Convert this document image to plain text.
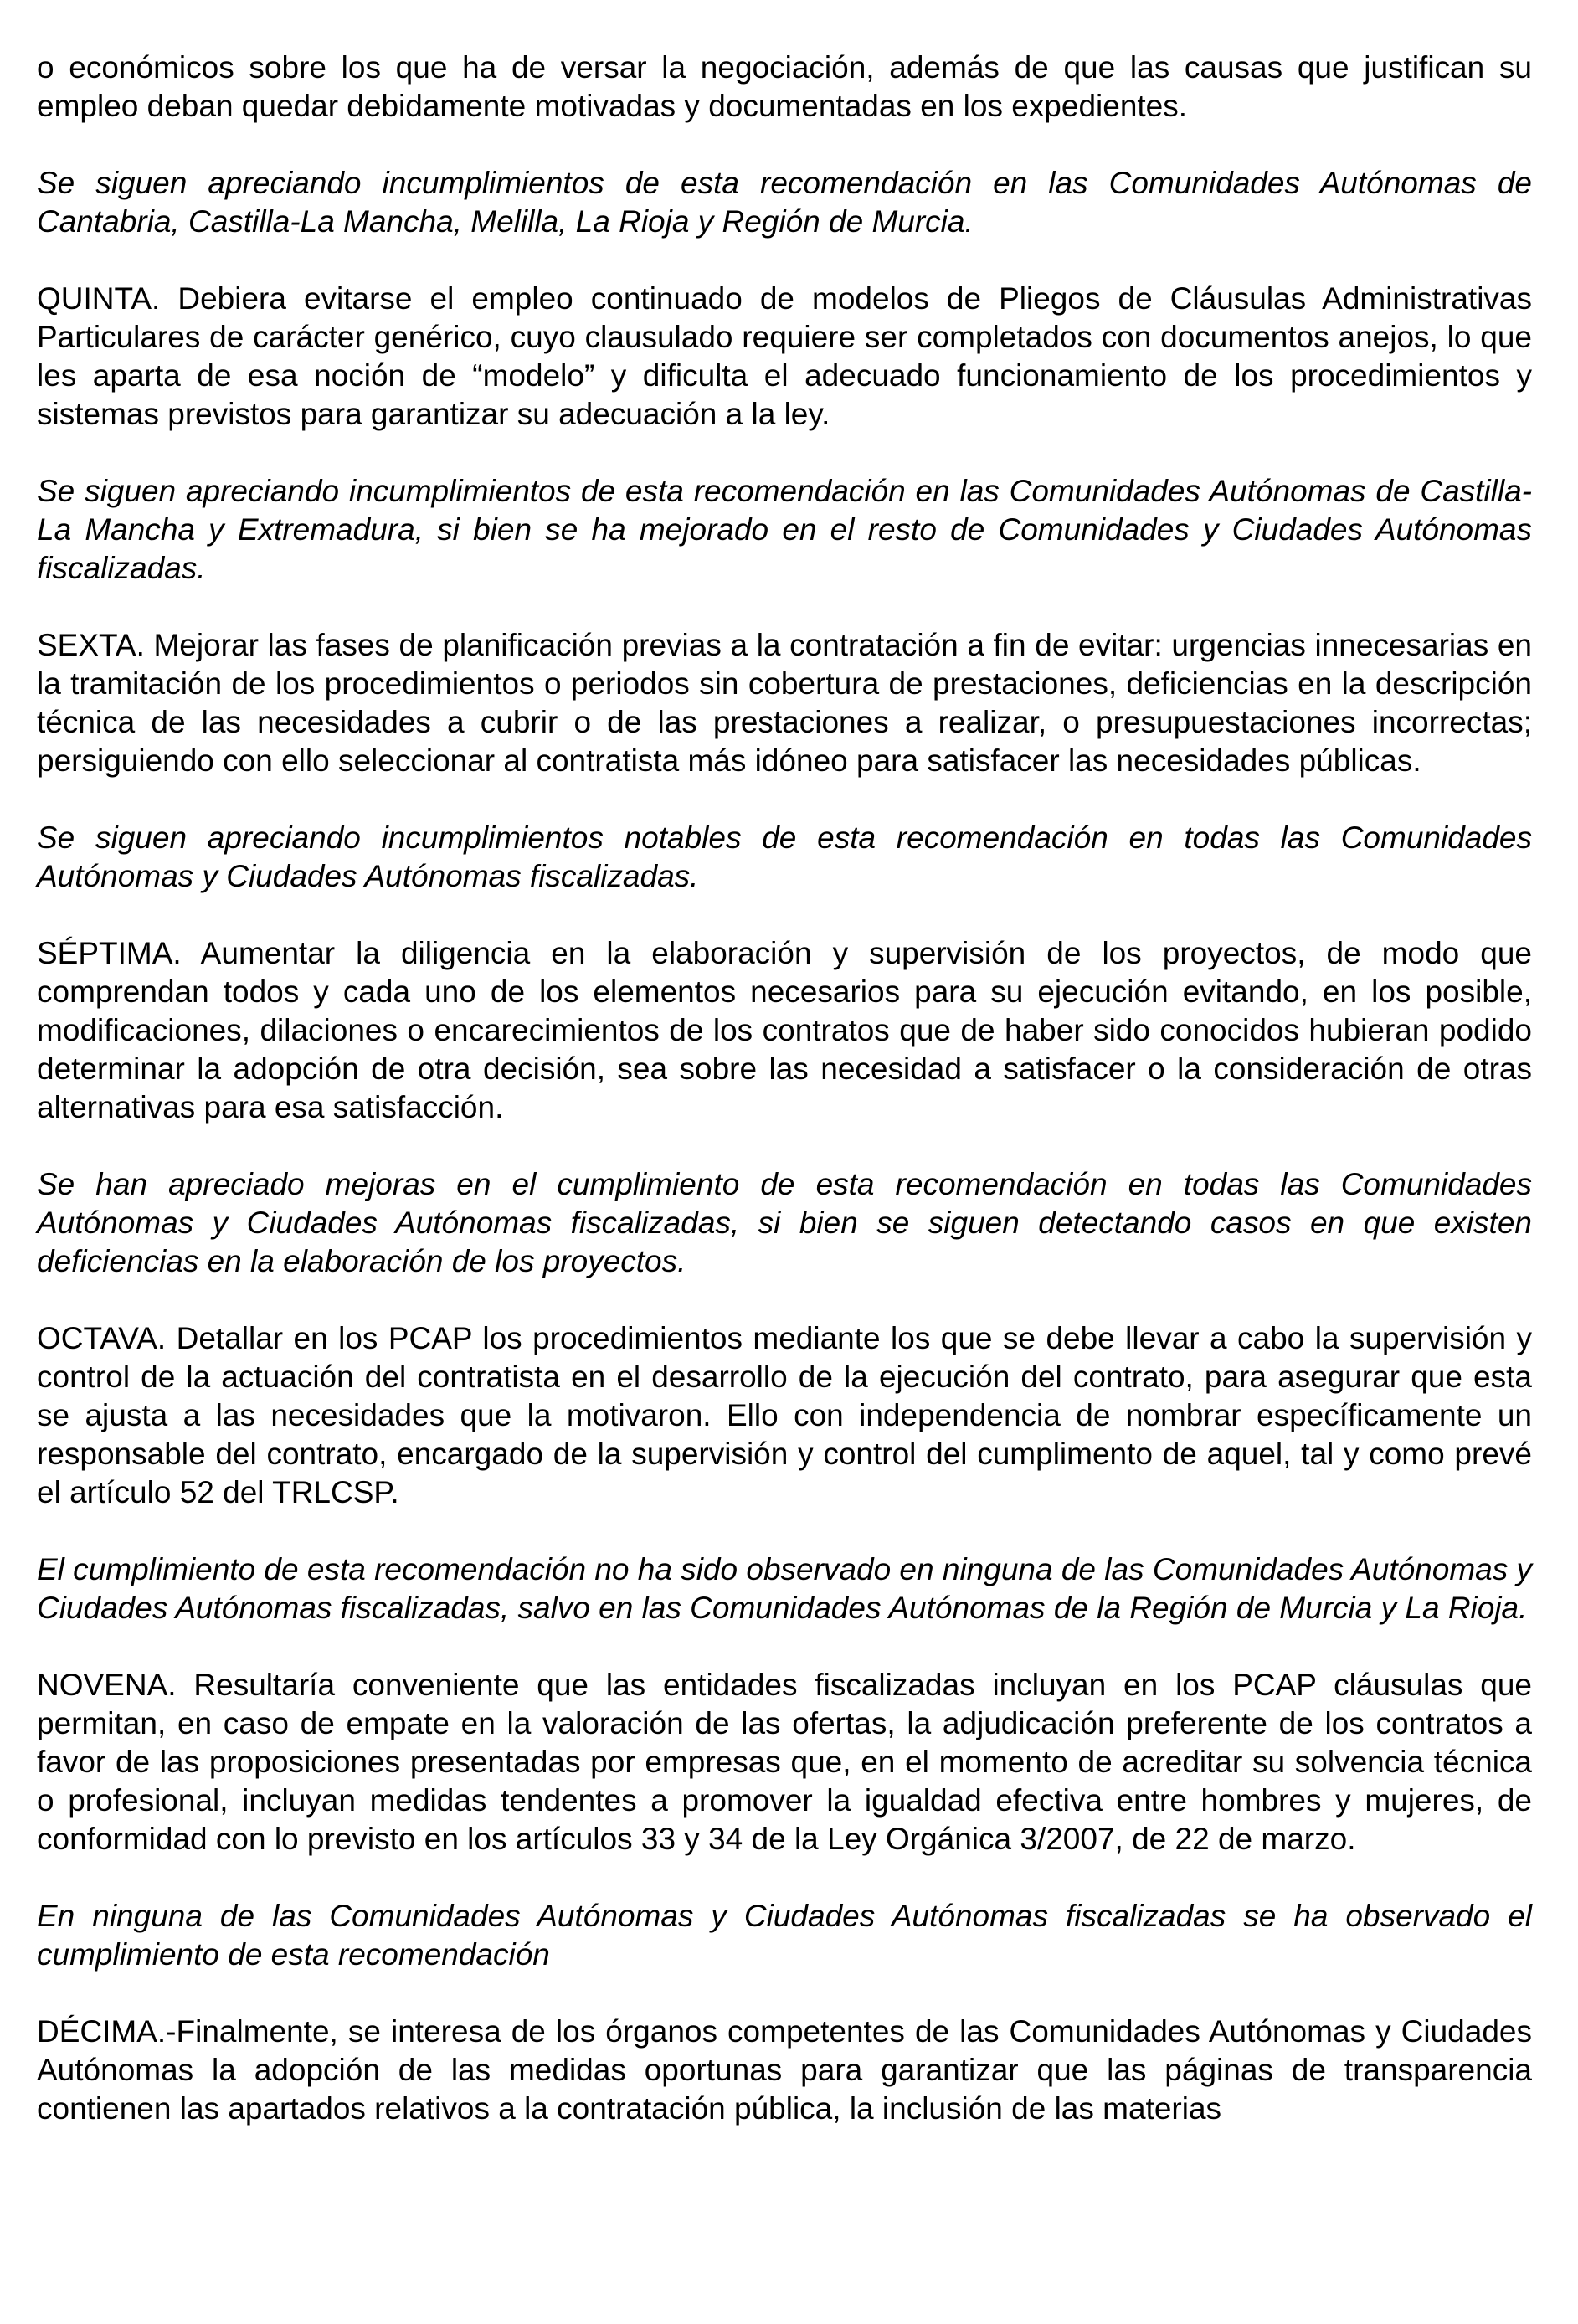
o económicos sobre los que ha de versar la negociación, además de que las causas que justifican su empleo deban quedar debidamente motivadas y documentadas en los expedientes.

Se siguen apreciando incumplimientos de esta recomendación en las Comunidades Autónomas de Cantabria, Castilla-La Mancha, Melilla, La Rioja y Región de Murcia.

QUINTA. Debiera evitarse el empleo continuado de modelos de Pliegos de Cláusulas Administrativas Particulares de carácter genérico, cuyo clausulado requiere ser completados con documentos anejos, lo que les aparta de esa noción de “modelo” y dificulta el adecuado funcionamiento de los procedimientos y sistemas previstos para garantizar su adecuación a la ley.

Se siguen apreciando incumplimientos de esta recomendación en las Comunidades Autónomas de Castilla-La Mancha y Extremadura, si bien se ha mejorado en el resto de Comunidades y Ciudades Autónomas fiscalizadas.

SEXTA. Mejorar las fases de planificación previas a la contratación a fin de evitar: urgencias innecesarias en la tramitación de los procedimientos o periodos sin cobertura de prestaciones, deficiencias en la descripción técnica de las necesidades a cubrir o de las prestaciones a realizar, o presupuestaciones incorrectas; persiguiendo con ello seleccionar al contratista más idóneo para satisfacer las necesidades públicas.

Se siguen apreciando incumplimientos notables de esta recomendación en todas las Comunidades Autónomas y Ciudades Autónomas fiscalizadas.

SÉPTIMA. Aumentar la diligencia en la elaboración y supervisión de los proyectos, de modo que comprendan todos y cada uno de los elementos necesarios para su ejecución evitando, en los posible, modificaciones, dilaciones o encarecimientos de los contratos que de haber sido conocidos hubieran podido determinar la adopción de otra decisión, sea sobre las necesidad a satisfacer o la consideración de otras alternativas para esa satisfacción.

Se han apreciado mejoras en el cumplimiento de esta recomendación en todas las Comunidades Autónomas y Ciudades Autónomas fiscalizadas, si bien se siguen detectando casos en que existen deficiencias en la elaboración de los proyectos.

OCTAVA. Detallar en los PCAP los procedimientos mediante los que se debe llevar a cabo la supervisión y control de la actuación del contratista en el desarrollo de la ejecución del contrato, para asegurar que esta se ajusta a las necesidades que la motivaron. Ello con independencia de nombrar específicamente un responsable del contrato, encargado de la supervisión y control del cumplimento de aquel, tal y como prevé el artículo 52 del TRLCSP.

El cumplimiento de esta recomendación no ha sido observado en ninguna de las Comunidades Autónomas y Ciudades Autónomas fiscalizadas, salvo en las Comunidades Autónomas de la Región de Murcia y La Rioja.

NOVENA. Resultaría conveniente que las entidades fiscalizadas incluyan en los PCAP cláusulas que permitan, en caso de empate en la valoración de las ofertas, la adjudicación preferente de los contratos a favor de las proposiciones presentadas por empresas que, en el momento de acreditar su solvencia técnica o profesional, incluyan medidas tendentes a promover la igualdad efectiva entre hombres y mujeres, de conformidad con lo previsto en los artículos 33 y 34 de la Ley Orgánica 3/2007, de 22 de marzo.

En ninguna de las Comunidades Autónomas y Ciudades Autónomas fiscalizadas se ha observado el cumplimiento de esta recomendación

DÉCIMA.-Finalmente, se interesa de los órganos competentes de las Comunidades Autónomas y Ciudades Autónomas la adopción de las medidas oportunas para garantizar que las páginas de transparencia contienen las apartados relativos a la contratación pública, la inclusión de las materias
